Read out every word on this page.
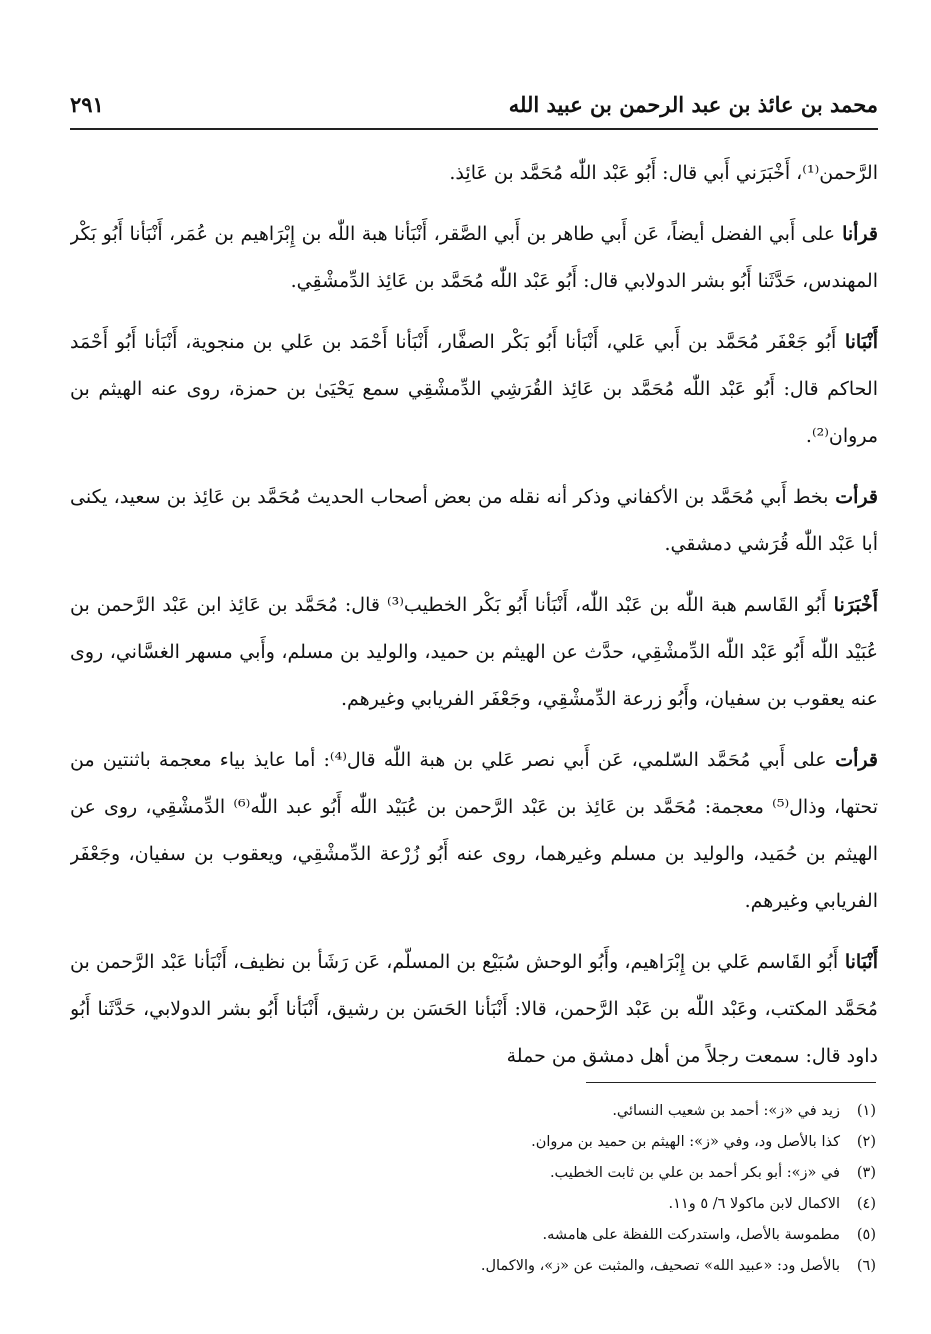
محمد بن عائذ بن عبد الرحمن بن عبيد الله
٢٩١

الرَّحمن⁽¹⁾، أَخْبَرَني أَبي قال: أَبُو عَبْد اللّٰه مُحَمَّد بن عَائِذ.

قرأناعلى أَبي الفضل أيضاً، عَن أَبي طاهر بن أَبي الصَّقر، أَنْبَأنا هبة اللّٰه بن إِبْرَاهيم بن عُمَر، أَنْبَأنا أَبُو بَكْر المهندس، حَدَّثَنا أَبُو بشر الدولابي قال: أَبُو عَبْد اللّٰه مُحَمَّد بن عَائِذ الدِّمشْقِي.

أَنْبَاناأَبُو جَعْفَر مُحَمَّد بن أَبي عَلي، أَنْبَأنا أَبُو بَكْر الصفَّار، أَنْبَأنا أَحْمَد بن عَلي بن منجوية، أَنْبَأنا أَبُو أَحْمَد الحاكم قال: أَبُو عَبْد اللّٰه مُحَمَّد بن عَائِذ القُرَشِي الدِّمشْقِي سمع يَحْيَىٰ بن حمزة، روى عنه الهيثم بن مروان⁽²⁾.

قرأتبخط أَبي مُحَمَّد بن الأكفاني وذكر أنه نقله من بعض أصحاب الحديث مُحَمَّد بن عَائِذ بن سعيد، يكنى أبا عَبْد اللّٰه قُرَشي دمشقي.

أَخْبَرَناأَبُو القَاسم هبة اللّٰه بن عَبْد اللّٰه، أَنْبَأنا أَبُو بَكْر الخطيب⁽³⁾ قال: مُحَمَّد بن عَائِذ ابن عَبْد الرَّحمن بن عُبَيْد اللّٰه أَبُو عَبْد اللّٰه الدِّمشْقِي، حدَّث عن الهيثم بن حميد، والوليد بن مسلم، وأَبي مسهر الغسَّاني، روى عنه يعقوب بن سفيان، وأَبُو زرعة الدِّمشْقِي، وجَعْفَر الفريابي وغيرهم.

قرأتعلى أَبي مُحَمَّد السّلمي، عَن أَبي نصر عَلي بن هبة اللّٰه قال⁽⁴⁾: أما عايذ بياء معجمة باثنتين من تحتها، وذال⁽⁵⁾ معجمة: مُحَمَّد بن عَائِذ بن عَبْد الرَّحمن بن عُبَيْد اللّٰه أَبُو عبد اللّٰه⁽⁶⁾ الدِّمشْقِي، روى عن الهيثم بن حُمَيد، والوليد بن مسلم وغيرهما، روى عنه أَبُو زُرْعة الدِّمشْقِي، ويعقوب بن سفيان، وجَعْفَر الفريابي وغيرهم.

أَنْبَاناأَبُو القَاسم عَلي بن إِبْرَاهيم، وأَبُو الوحش سُبَيْع بن المسلّم، عَن رَشَأ بن نظيف، أَنْبَأنا عَبْد الرَّحمن بن مُحَمَّد المكتب، وعَبْد اللّٰه بن عَبْد الرَّحمن، قالا: أَنْبَأنا الحَسَن بن رشيق، أَنْبَأنا أَبُو بشر الدولابي، حَدَّثَنا أَبُو داود قال: سمعت رجلاً من أهل دمشق من حملة

(١)زيد في «ز»: أحمد بن شعيب النسائي.
(٢)كذا بالأصل ود، وفي «ز»: الهيثم بن حميد بن مروان.
(٣)في «ز»: أبو بكر أحمد بن علي بن ثابت الخطيب.
(٤)الاكمال لابن ماكولا ٦/ ٥ و١١.
(٥)مطموسة بالأصل، واستدركت اللفظة على هامشه.
(٦)بالأصل ود: «عبيد الله» تصحيف، والمثبت عن «ز»، والاكمال.
